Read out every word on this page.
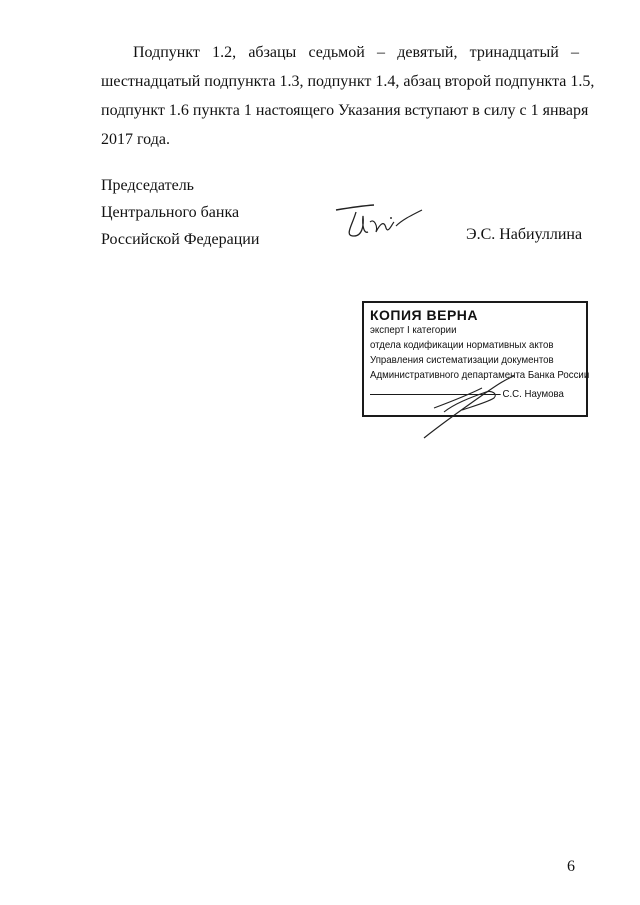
Подпункт 1.2, абзацы седьмой – девятый, тринадцатый –
шестнадцатый подпункта 1.3, подпункт 1.4, абзац второй подпункта 1.5,
подпункт 1.6 пункта 1 настоящего Указания вступают в силу с 1 января
2017 года.
Председатель
Центрального банка
Российской Федерации	Э.С. Набиуллина
КОПИЯ ВЕРНА
эксперт I категории
отдела кодификации нормативных актов
Управления систематизации документов
Административного департамента Банка России
С.С. Наумова
6
